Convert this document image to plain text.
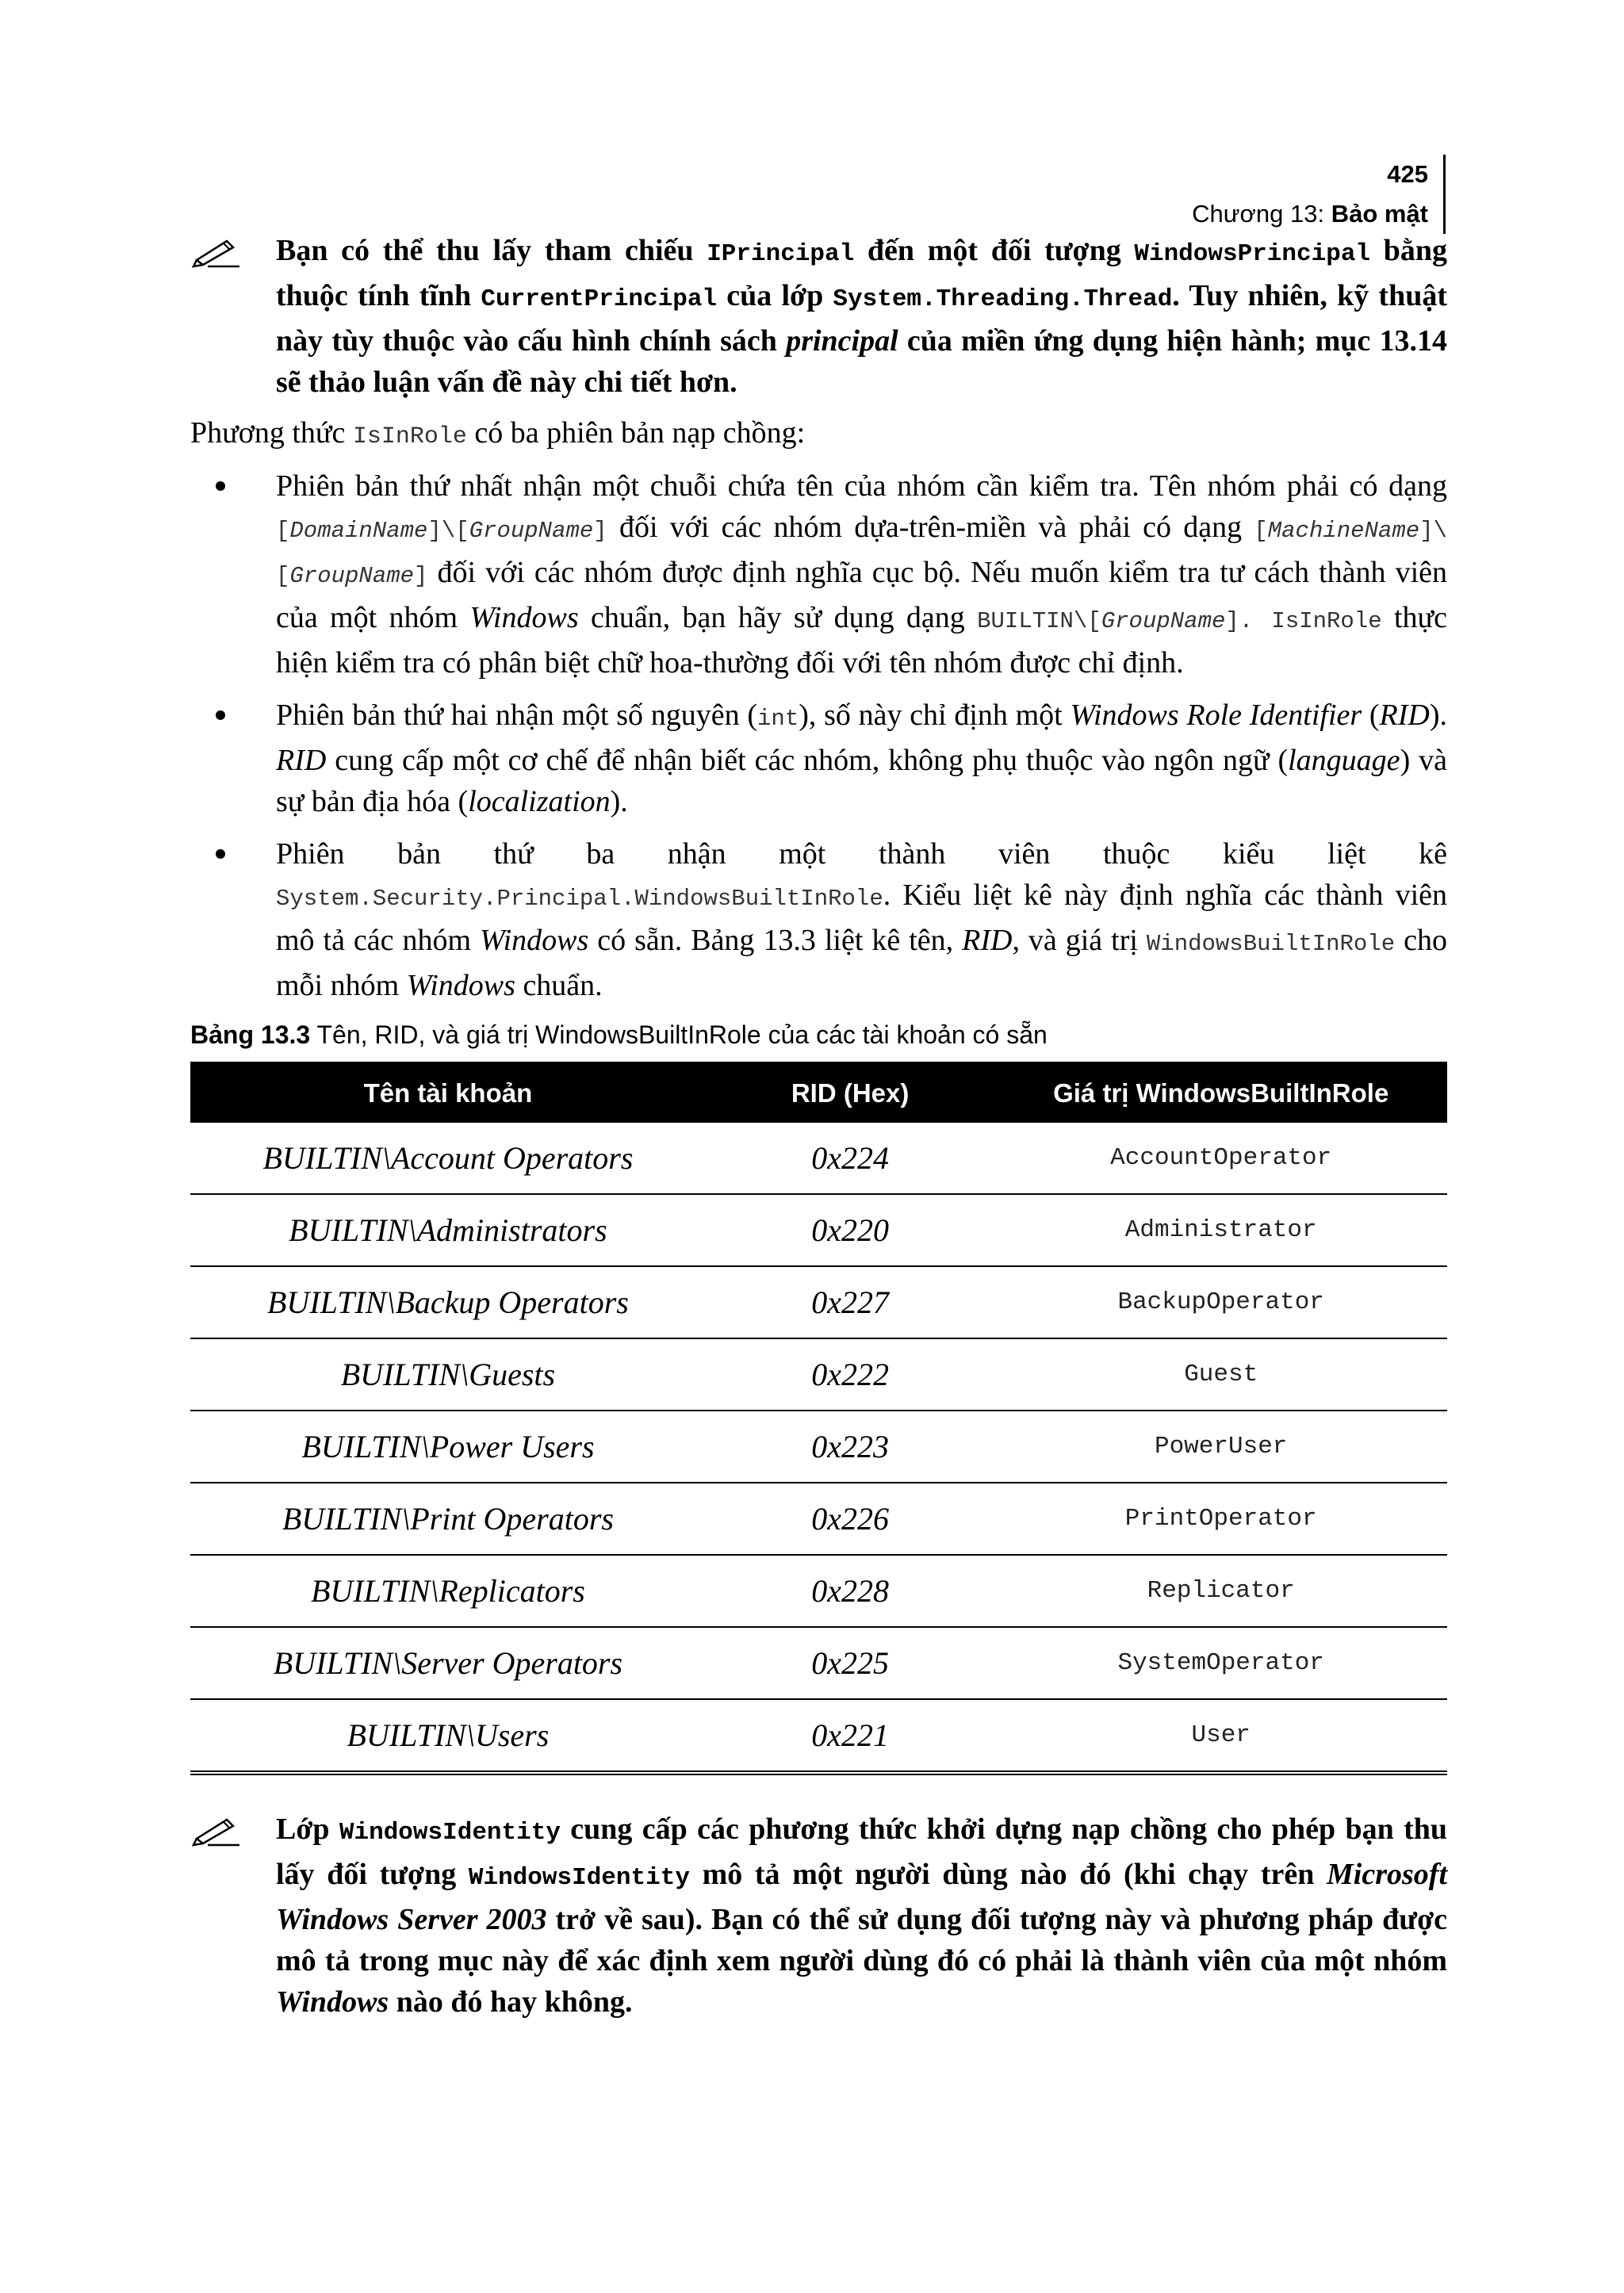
425
Chương 13: Bảo mật
Bạn có thể thu lấy tham chiếu IPrincipal đến một đối tượng WindowsPrincipal bằng thuộc tính tĩnh CurrentPrincipal của lớp System.Threading.Thread. Tuy nhiên, kỹ thuật này tùy thuộc vào cấu hình chính sách principal của miền ứng dụng hiện hành; mục 13.14 sẽ thảo luận vấn đề này chi tiết hơn.
Phương thức IsInRole có ba phiên bản nạp chồng:
Phiên bản thứ nhất nhận một chuỗi chứa tên của nhóm cần kiểm tra. Tên nhóm phải có dạng [DomainName]\[GroupName] đối với các nhóm dựa-trên-miền và phải có dạng [MachineName]\[GroupName] đối với các nhóm được định nghĩa cục bộ. Nếu muốn kiểm tra tư cách thành viên của một nhóm Windows chuẩn, bạn hãy sử dụng dạng BUILTIN\[GroupName]. IsInRole thực hiện kiểm tra có phân biệt chữ hoa-thường đối với tên nhóm được chỉ định.
Phiên bản thứ hai nhận một số nguyên (int), số này chỉ định một Windows Role Identifier (RID). RID cung cấp một cơ chế để nhận biết các nhóm, không phụ thuộc vào ngôn ngữ (language) và sự bản địa hóa (localization).
Phiên bản thứ ba nhận một thành viên thuộc kiểu liệt kê System.Security.Principal.WindowsBuiltInRole. Kiểu liệt kê này định nghĩa các thành viên mô tả các nhóm Windows có sẵn. Bảng 13.3 liệt kê tên, RID, và giá trị WindowsBuiltInRole cho mỗi nhóm Windows chuẩn.
Bảng 13.3 Tên, RID, và giá trị WindowsBuiltInRole của các tài khoản có sẵn
Tên tài khoản	RID (Hex)	Giá trị WindowsBuiltInRole
BUILTIN\Account Operators	0x224	AccountOperator
BUILTIN\Administrators	0x220	Administrator
BUILTIN\Backup Operators	0x227	BackupOperator
BUILTIN\Guests	0x222	Guest
BUILTIN\Power Users	0x223	PowerUser
BUILTIN\Print Operators	0x226	PrintOperator
BUILTIN\Replicators	0x228	Replicator
BUILTIN\Server Operators	0x225	SystemOperator
BUILTIN\Users	0x221	User
Lớp WindowsIdentity cung cấp các phương thức khởi dựng nạp chồng cho phép bạn thu lấy đối tượng WindowsIdentity mô tả một người dùng nào đó (khi chạy trên Microsoft Windows Server 2003 trở về sau). Bạn có thể sử dụng đối tượng này và phương pháp được mô tả trong mục này để xác định xem người dùng đó có phải là thành viên của một nhóm Windows nào đó hay không.
